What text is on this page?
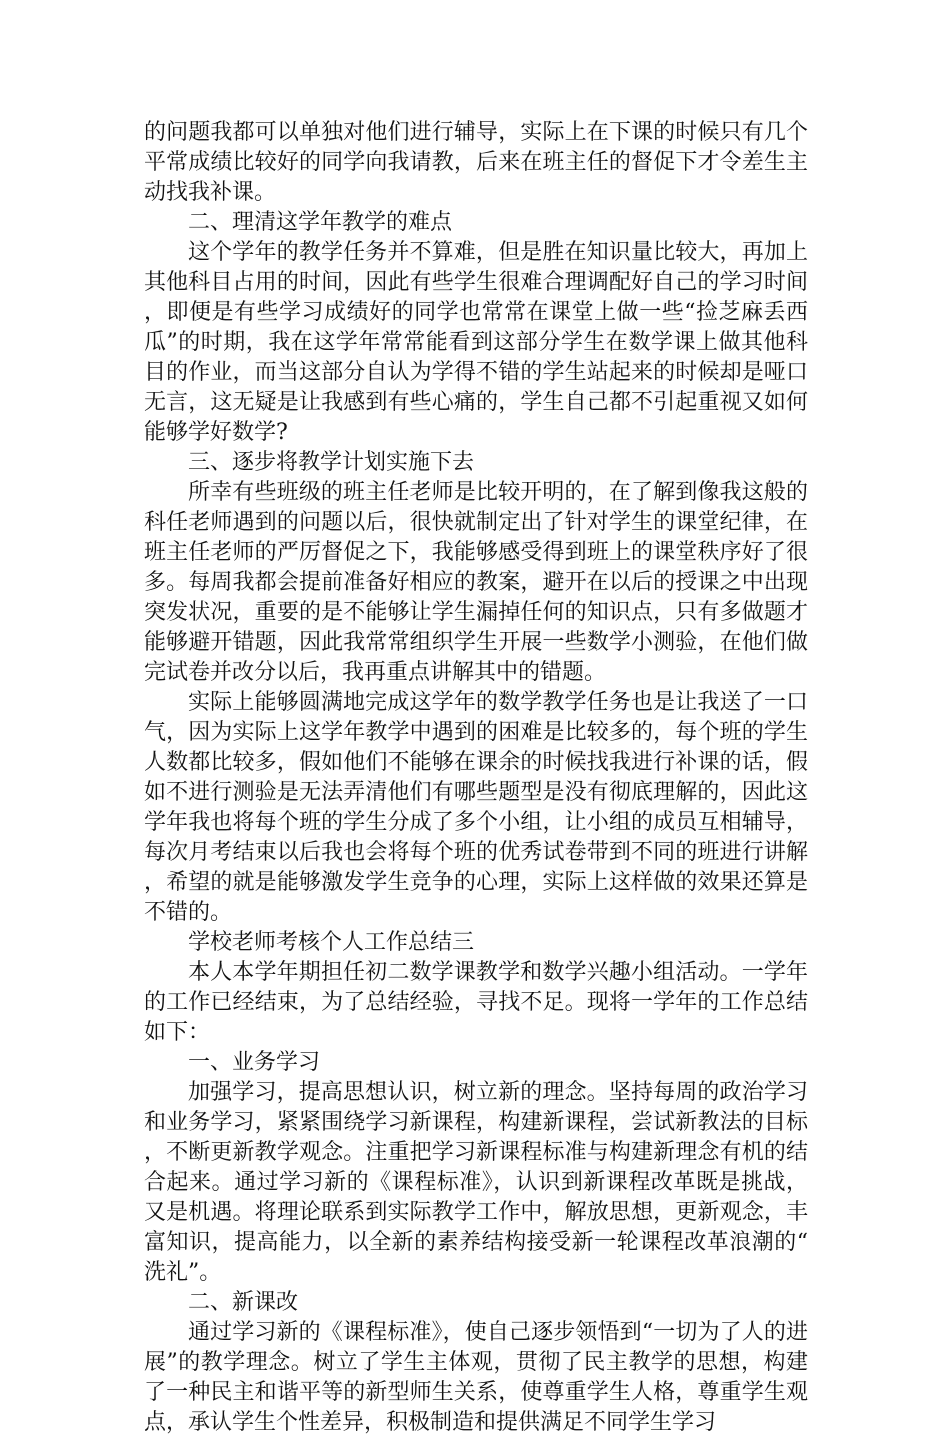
的问题我都可以单独对他们进行辅导，实际上在下课的时候只有几个平常成绩比较好的同学向我请教，后来在班主任的督促下才令差生主动找我补课。

二、理清这学年教学的难点

这个学年的教学任务并不算难，但是胜在知识量比较大，再加上其他科目占用的时间，因此有些学生很难合理调配好自己的学习时间，即便是有些学习成绩好的同学也常常在课堂上做一些“捡芝麻丢西瓜”的时期，我在这学年常常能看到这部分学生在数学课上做其他科目的作业，而当这部分自认为学得不错的学生站起来的时候却是哑口无言，这无疑是让我感到有些心痛的，学生自己都不引起重视又如何能够学好数学?

三、逐步将教学计划实施下去

所幸有些班级的班主任老师是比较开明的，在了解到像我这般的科任老师遇到的问题以后，很快就制定出了针对学生的课堂纪律，在班主任老师的严厉督促之下，我能够感受得到班上的课堂秩序好了很多。每周我都会提前准备好相应的教案，避开在以后的授课之中出现突发状况，重要的是不能够让学生漏掉任何的知识点，只有多做题才能够避开错题，因此我常常组织学生开展一些数学小测验，在他们做完试卷并改分以后，我再重点讲解其中的错题。

实际上能够圆满地完成这学年的数学教学任务也是让我送了一口气，因为实际上这学年教学中遇到的困难是比较多的，每个班的学生人数都比较多，假如他们不能够在课余的时候找我进行补课的话，假如不进行测验是无法弄清他们有哪些题型是没有彻底理解的，因此这学年我也将每个班的学生分成了多个小组，让小组的成员互相辅导，每次月考结束以后我也会将每个班的优秀试卷带到不同的班进行讲解，希望的就是能够激发学生竞争的心理，实际上这样做的效果还算是不错的。

学校老师考核个人工作总结三

本人本学年期担任初二数学课教学和数学兴趣小组活动。一学年的工作已经结束，为了总结经验，寻找不足。现将一学年的工作总结如下：

一、业务学习

加强学习，提高思想认识，树立新的理念。坚持每周的政治学习和业务学习，紧紧围绕学习新课程，构建新课程，尝试新教法的目标，不断更新教学观念。注重把学习新课程标准与构建新理念有机的结合起来。通过学习新的《课程标准》，认识到新课程改革既是挑战，又是机遇。将理论联系到实际教学工作中，解放思想，更新观念，丰富知识，提高能力，以全新的素养结构接受新一轮课程改革浪潮的“洗礼”。

二、新课改

通过学习新的《课程标准》，使自己逐步领悟到“一切为了人的进展”的教学理念。树立了学生主体观，贯彻了民主教学的思想，构建了一种民主和谐平等的新型师生关系，使尊重学生人格，尊重学生观点，承认学生个性差异，积极制造和提供满足不同学生学习
